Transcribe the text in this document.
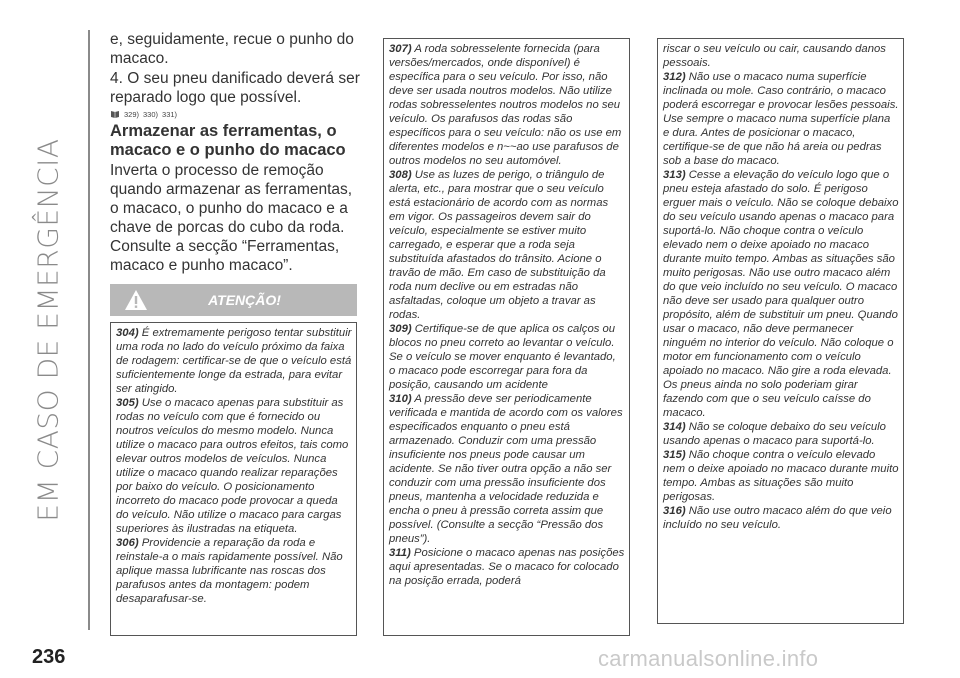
EM CASO DE EMERGÊNCIA

e, seguidamente, recue o punho do macaco.

4. O seu pneu danificado deverá ser reparado logo que possível.

329) 330) 331)
Armazenar as ferramentas, o macaco e o punho do macaco

Inverta o processo de remoção quando armazenar as ferramentas, o macaco, o punho do macaco e a chave de porcas do cubo da roda. Consulte a secção “Ferramentas, macaco e punho macaco”.

ATENÇÃO!

304) É extremamente perigoso tentar substituir uma roda no lado do veículo próximo da faixa de rodagem: certificar-se de que o veículo está suficientemente longe da estrada, para evitar ser atingido.

305) Use o macaco apenas para substituir as rodas no veículo com que é fornecido ou noutros veículos do mesmo modelo. Nunca utilize o macaco para outros efeitos, tais como elevar outros modelos de veículos. Nunca utilize o macaco quando realizar reparações por baixo do veículo. O posicionamento incorreto do macaco pode provocar a queda do veículo. Não utilize o macaco para cargas superiores às ilustradas na etiqueta.

306) Providencie a reparação da roda e reinstale-a o mais rapidamente possível. Não aplique massa lubrificante nas roscas dos parafusos antes da montagem: podem desaparafusar-se.

307) A roda sobresselente fornecida (para versões/mercados, onde disponível) é específica para o seu veículo. Por isso, não deve ser usada noutros modelos. Não utilize rodas sobresselentes noutros modelos no seu veículo. Os parafusos das rodas são específicos para o seu veículo: não os use em diferentes modelos e n~~ao use parafusos de outros modelos no seu automóvel.

308) Use as luzes de perigo, o triângulo de alerta, etc., para mostrar que o seu veículo está estacionário de acordo com as normas em vigor. Os passageiros devem sair do veículo, especialmente se estiver muito carregado, e esperar que a roda seja substituída afastados do trânsito. Acione o travão de mão. Em caso de substituição da roda num declive ou em estradas não asfaltadas, coloque um objeto a travar as rodas.

309) Certifique-se de que aplica os calços ou blocos no pneu correto ao levantar o veículo. Se o veículo se mover enquanto é levantado, o macaco pode escorregar para fora da posição, causando um acidente

310) A pressão deve ser periodicamente verificada e mantida de acordo com os valores especificados enquanto o pneu está armazenado. Conduzir com uma pressão insuficiente nos pneus pode causar um acidente. Se não tiver outra opção a não ser conduzir com uma pressão insuficiente dos pneus, mantenha a velocidade reduzida e encha o pneu à pressão correta assim que possível. (Consulte a secção “Pressão dos pneus”).

311) Posicione o macaco apenas nas posições aqui apresentadas. Se o macaco for colocado na posição errada, poderá

riscar o seu veículo ou cair, causando danos pessoais.

312) Não use o macaco numa superfície inclinada ou mole. Caso contrário, o macaco poderá escorregar e provocar lesões pessoais. Use sempre o macaco numa superfície plana e dura. Antes de posicionar o macaco, certifique-se de que não há areia ou pedras sob a base do macaco.

313) Cesse a elevação do veículo logo que o pneu esteja afastado do solo. É perigoso erguer mais o veículo. Não se coloque debaixo do seu veículo usando apenas o macaco para suportá-lo. Não choque contra o veículo elevado nem o deixe apoiado no macaco durante muito tempo. Ambas as situações são muito perigosas. Não use outro macaco além do que veio incluído no seu veículo. O macaco não deve ser usado para qualquer outro propósito, além de substituir um pneu. Quando usar o macaco, não deve permanecer ninguém no interior do veículo. Não coloque o motor em funcionamento com o veículo apoiado no macaco. Não gire a roda elevada. Os pneus ainda no solo poderiam girar fazendo com que o seu veículo caísse do macaco.

314) Não se coloque debaixo do seu veículo usando apenas o macaco para suportá-lo.

315) Não choque contra o veículo elevado nem o deixe apoiado no macaco durante muito tempo. Ambas as situações são muito perigosas.

316) Não use outro macaco além do que veio incluído no seu veículo.

236	carmanualsonline.info
